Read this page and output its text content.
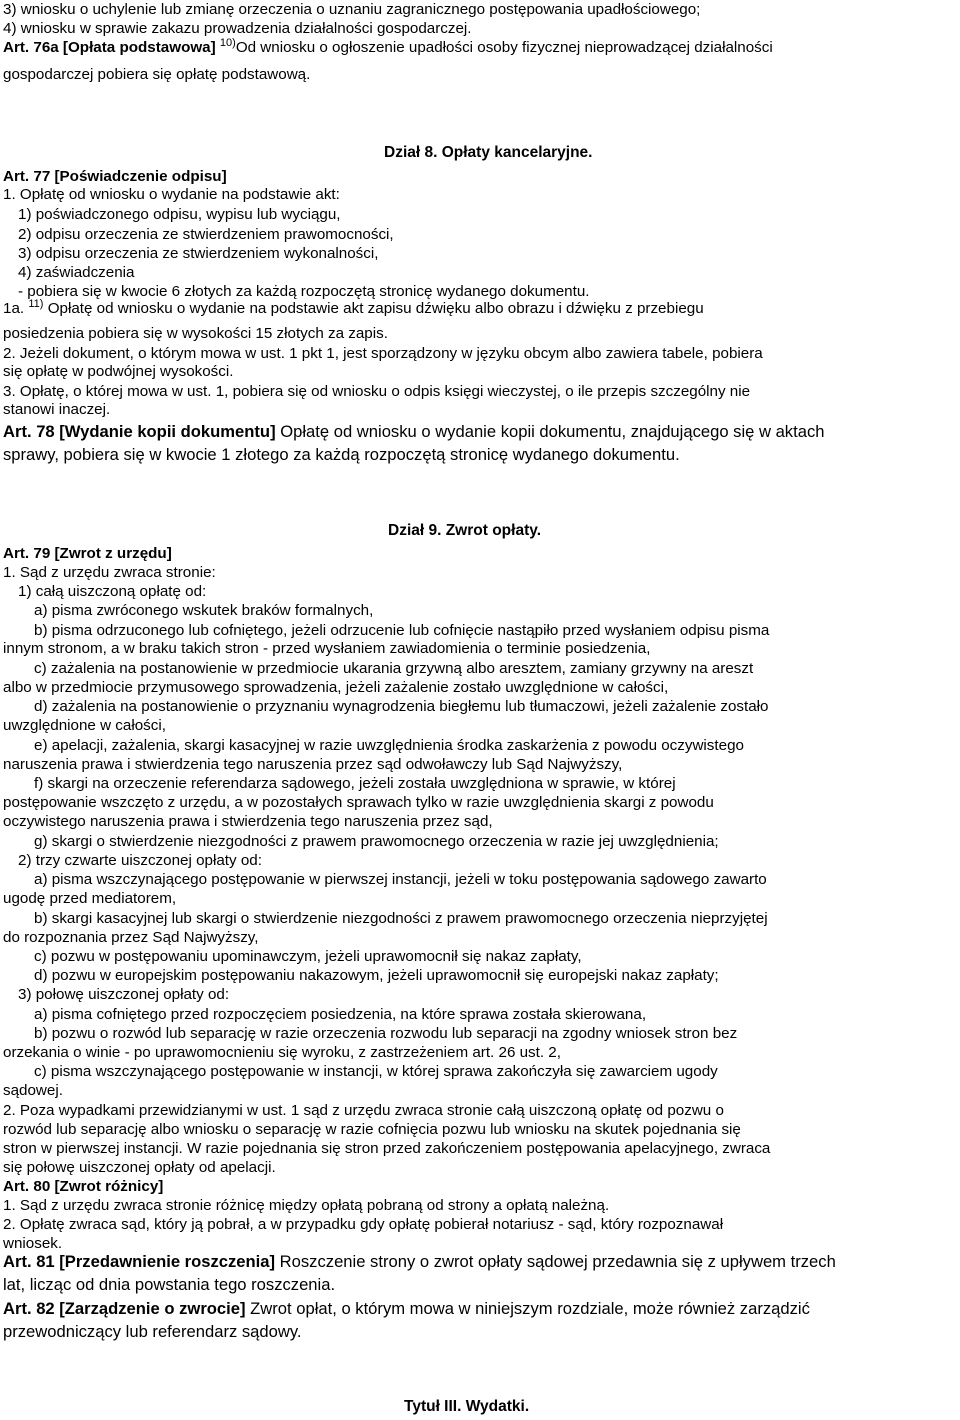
3) wniosku o uchylenie lub zmianę orzeczenia o uznaniu zagranicznego postępowania upadłościowego;
4) wniosku w sprawie zakazu prowadzenia działalności gospodarczej.
Art. 76a [Opłata podstawowa] $^{10)}$Od wniosku o ogłoszenie upadłości osoby fizycznej nieprowadzącej działalności
gospodarczej pobiera się opłatę podstawową.
Dział 8. Opłaty kancelaryjne.
Art. 77 [Poświadczenie odpisu]
1. Opłatę od wniosku o wydanie na podstawie akt:
1) poświadczonego odpisu, wypisu lub wyciągu,
2) odpisu orzeczenia ze stwierdzeniem prawomocności,
3) odpisu orzeczenia ze stwierdzeniem wykonalności,
4) zaświadczenia
- pobiera się w kwocie 6 złotych za każdą rozpoczętą stronicę wydanego dokumentu.
1a. $^{11)}$ Opłatę od wniosku o wydanie na podstawie akt zapisu dźwięku albo obrazu i dźwięku z przebiegu
posiedzenia pobiera się w wysokości 15 złotych za zapis.
2. Jeżeli dokument, o którym mowa w ust. 1 pkt 1, jest sporządzony w języku obcym albo zawiera tabele, pobiera
się opłatę w podwójnej wysokości.
3. Opłatę, o której mowa w ust. 1, pobiera się od wniosku o odpis księgi wieczystej, o ile przepis szczególny nie
stanowi inaczej.
Art. 78 [Wydanie kopii dokumentu] Opłatę od wniosku o wydanie kopii dokumentu, znajdującego się w aktach
sprawy, pobiera się w kwocie 1 złotego za każdą rozpoczętą stronicę wydanego dokumentu.
Dział 9. Zwrot opłaty.
Art. 79 [Zwrot z urzędu]
1. Sąd z urzędu zwraca stronie:
1) całą uiszczoną opłatę od:
a) pisma zwróconego wskutek braków formalnych,
b) pisma odrzuconego lub cofniętego, jeżeli odrzucenie lub cofnięcie nastąpiło przed wysłaniem odpisu pisma
innym stronom, a w braku takich stron - przed wysłaniem zawiadomienia o terminie posiedzenia,
c) zażalenia na postanowienie w przedmiocie ukarania grzywną albo aresztem, zamiany grzywny na areszt
albo w przedmiocie przymusowego sprowadzenia, jeżeli zażalenie zostało uwzględnione w całości,
d) zażalenia na postanowienie o przyznaniu wynagrodzenia biegłemu lub tłumaczowi, jeżeli zażalenie zostało
uwzględnione w całości,
e) apelacji, zażalenia, skargi kasacyjnej w razie uwzględnienia środka zaskarżenia z powodu oczywistego
naruszenia prawa i stwierdzenia tego naruszenia przez sąd odwoławczy lub Sąd Najwyższy,
f) skargi na orzeczenie referendarza sądowego, jeżeli została uwzględniona w sprawie, w której
postępowanie wszczęto z urzędu, a w pozostałych sprawach tylko w razie uwzględnienia skargi z powodu
oczywistego naruszenia prawa i stwierdzenia tego naruszenia przez sąd,
g) skargi o stwierdzenie niezgodności z prawem prawomocnego orzeczenia w razie jej uwzględnienia;
2) trzy czwarte uiszczonej opłaty od:
a) pisma wszczynającego postępowanie w pierwszej instancji, jeżeli w toku postępowania sądowego zawarto
ugodę przed mediatorem,
b) skargi kasacyjnej lub skargi o stwierdzenie niezgodności z prawem prawomocnego orzeczenia nieprzyjętej
do rozpoznania przez Sąd Najwyższy,
c) pozwu w postępowaniu upominawczym, jeżeli uprawomocnił się nakaz zapłaty,
d) pozwu w europejskim postępowaniu nakazowym, jeżeli uprawomocnił się europejski nakaz zapłaty;
3) połowę uiszczonej opłaty od:
a) pisma cofniętego przed rozpoczęciem posiedzenia, na które sprawa została skierowana,
b) pozwu o rozwód lub separację w razie orzeczenia rozwodu lub separacji na zgodny wniosek stron bez
orzekania o winie - po uprawomocnieniu się wyroku, z zastrzeżeniem art. 26 ust. 2,
c) pisma wszczynającego postępowanie w instancji, w której sprawa zakończyła się zawarciem ugody
sądowej.
2. Poza wypadkami przewidzianymi w ust. 1 sąd z urzędu zwraca stronie całą uiszczoną opłatę od pozwu o
rozwód lub separację albo wniosku o separację w razie cofnięcia pozwu lub wniosku na skutek pojednania się
stron w pierwszej instancji. W razie pojednania się stron przed zakończeniem postępowania apelacyjnego, zwraca
się połowę uiszczonej opłaty od apelacji.
Art. 80 [Zwrot różnicy]
1. Sąd z urzędu zwraca stronie różnicę między opłatą pobraną od strony a opłatą należną.
2. Opłatę zwraca sąd, który ją pobrał, a w przypadku gdy opłatę pobierał notariusz - sąd, który rozpoznawał
wniosek.
Art. 81 [Przedawnienie roszczenia] Roszczenie strony o zwrot opłaty sądowej przedawnia się z upływem trzech
lat, licząc od dnia powstania tego roszczenia.
Art. 82 [Zarządzenie o zwrocie] Zwrot opłat, o którym mowa w niniejszym rozdziale, może również zarządzić
przewodniczący lub referendarz sądowy.
Tytuł III. Wydatki.
